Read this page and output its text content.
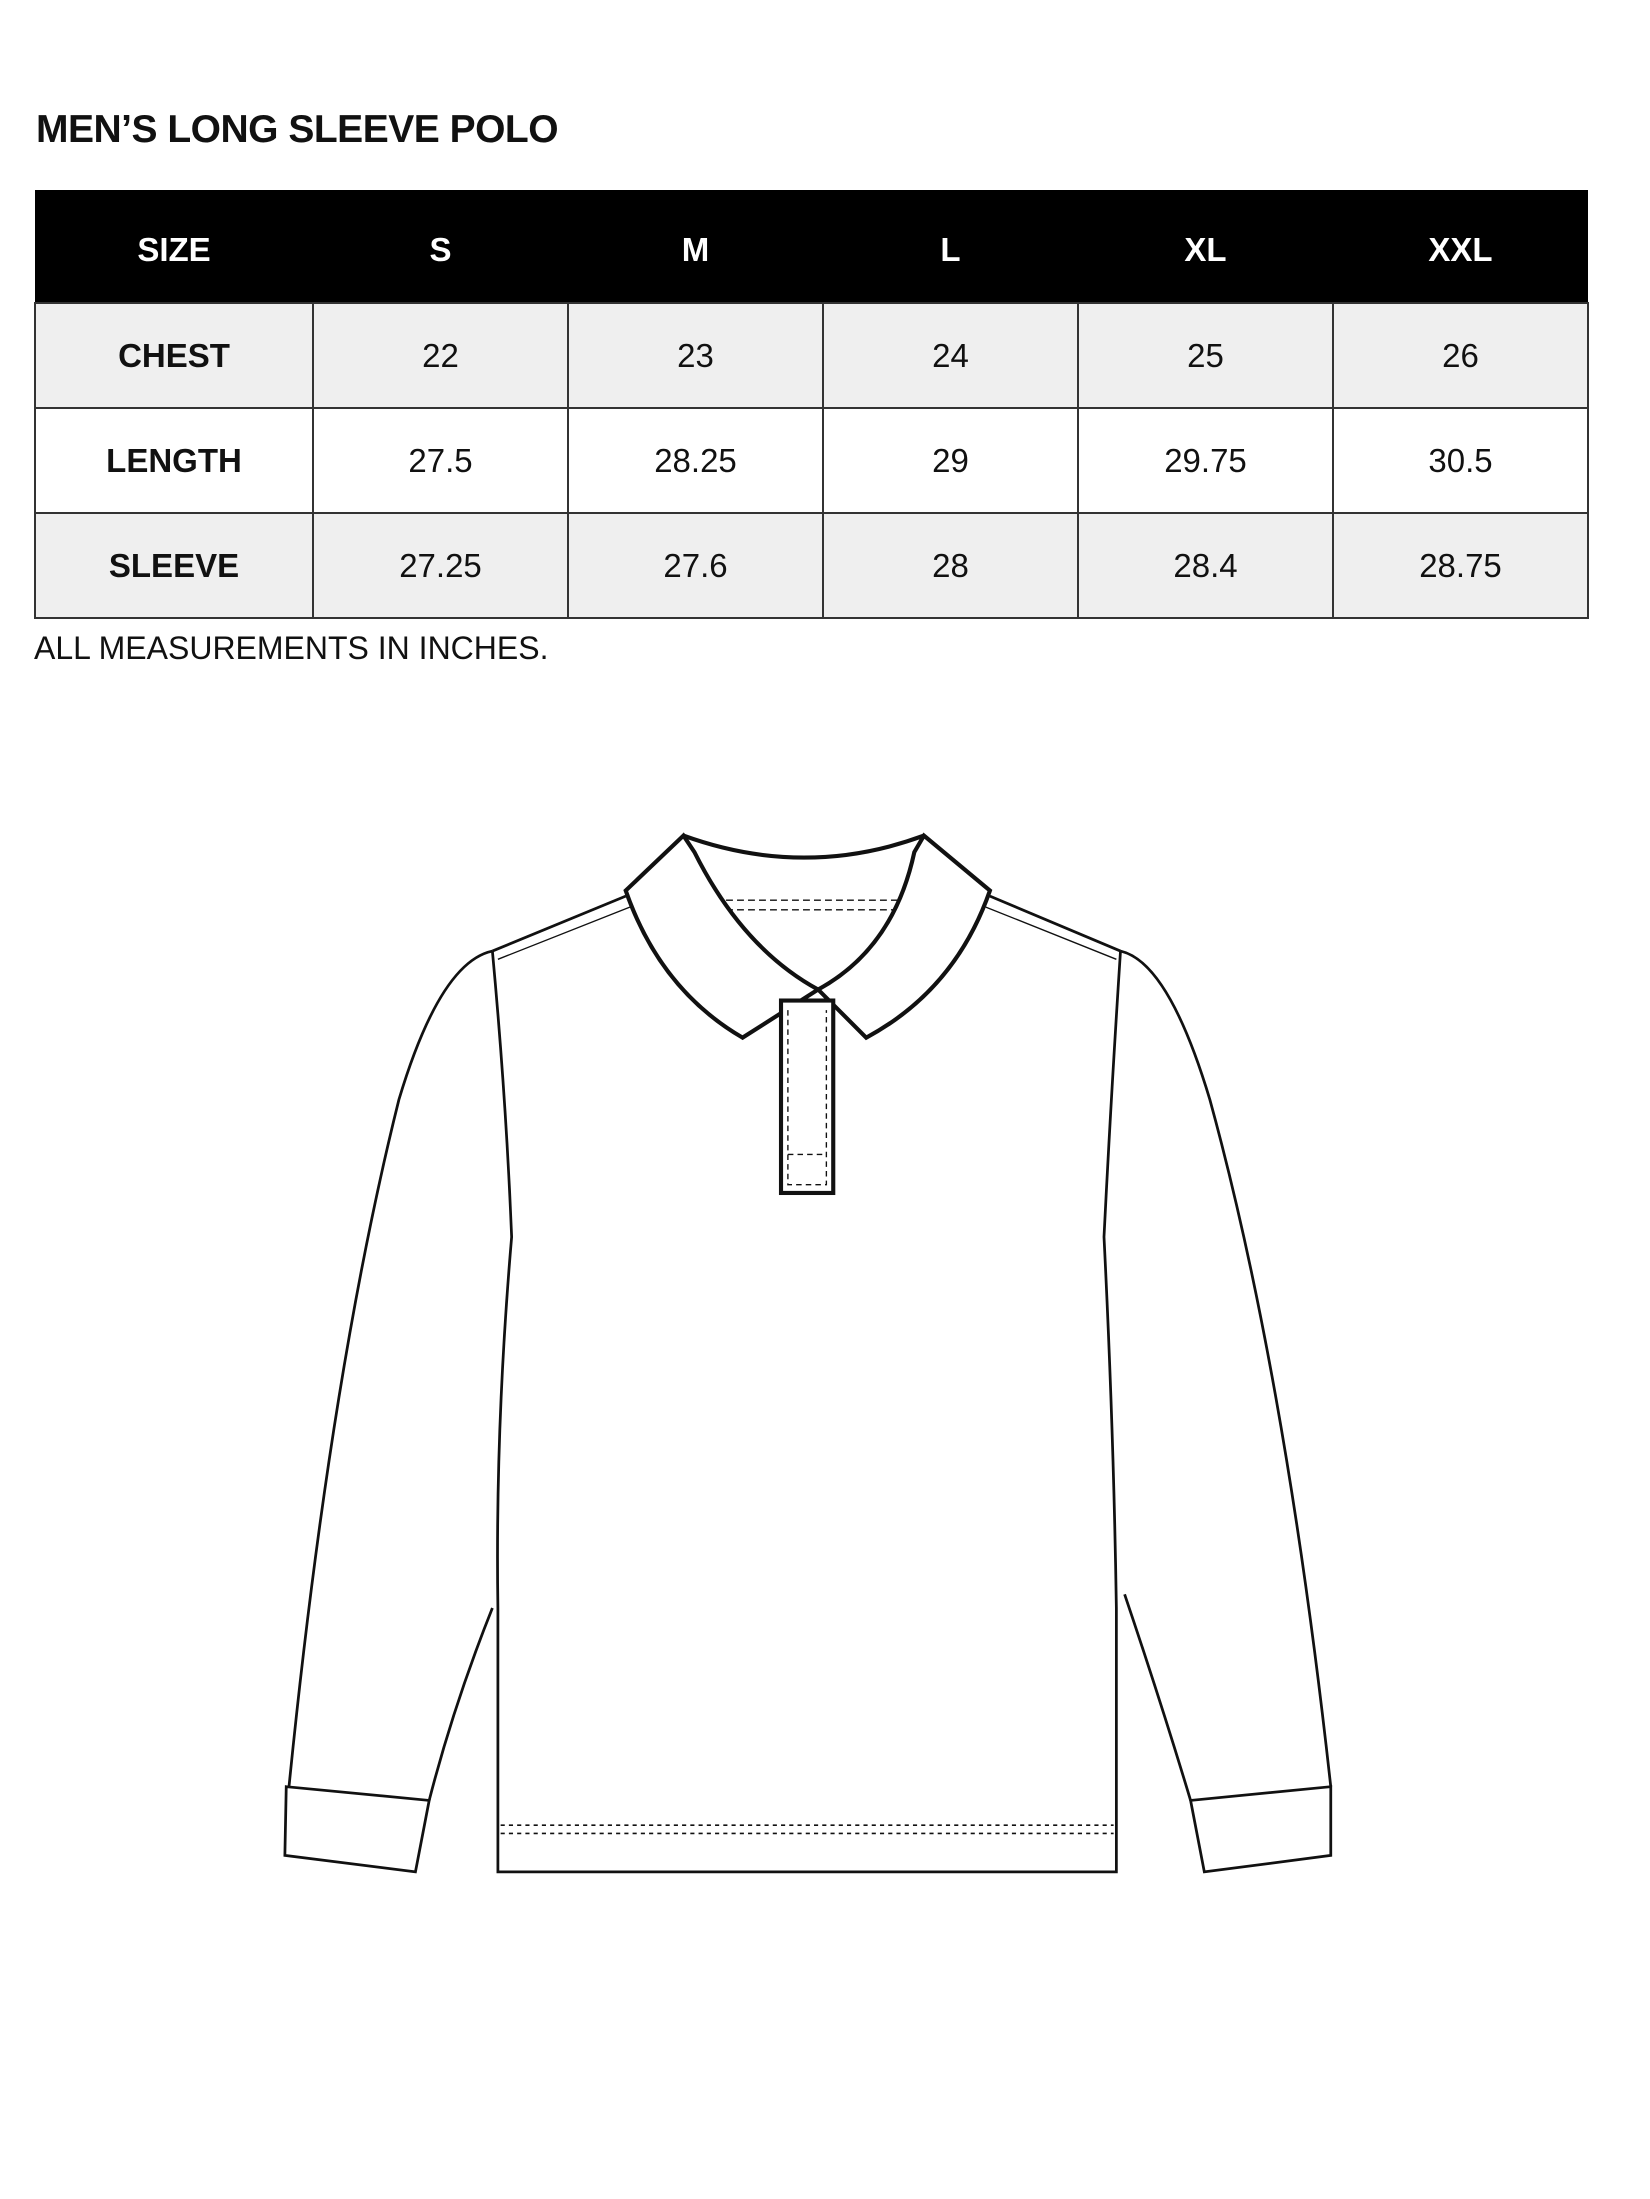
MEN’S LONG SLEEVE POLO
SIZE	S	M	L	XL	XXL
CHEST	22	23	24	25	26
LENGTH	27.5	28.25	29	29.75	30.5
SLEEVE	27.25	27.6	28	28.4	28.75
ALL MEASUREMENTS IN INCHES.
